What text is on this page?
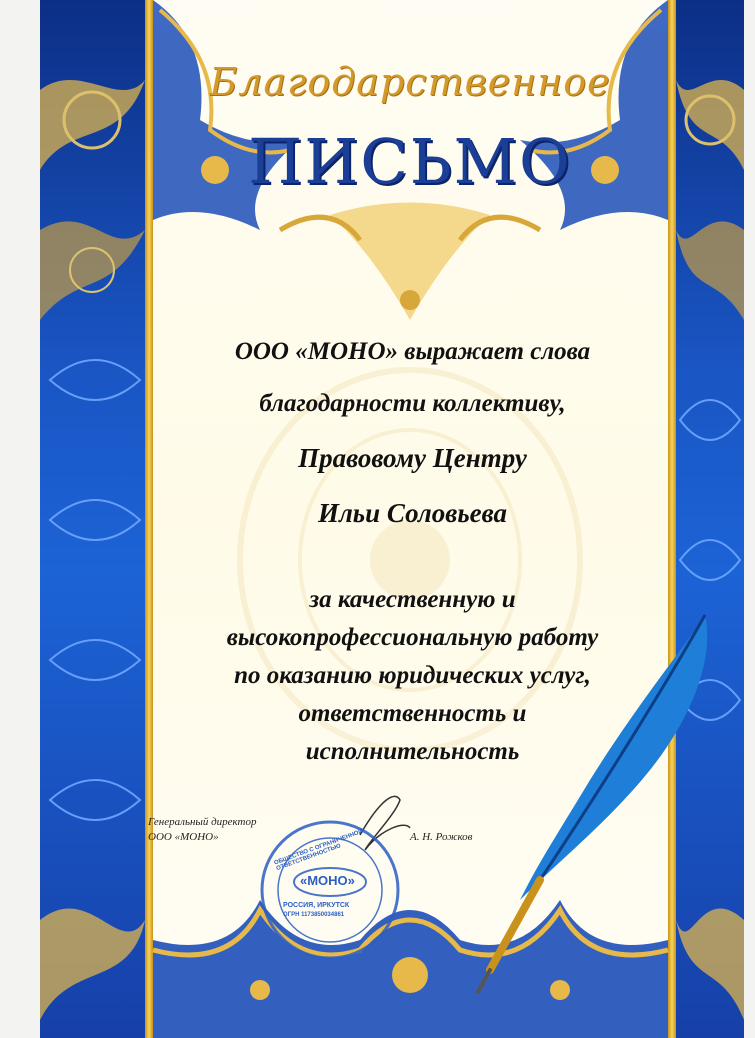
Благодарственное
ПИСЬМО
ООО «МОНО» выражает слова
благодарности коллективу,
Правовому Центру
Ильи Соловьева
за качественную и
высокопрофессиональную работу
по оказанию юридических услуг,
ответственность и
исполнительность
Генеральный директор
ООО «МОНО»	А. Н. Рожков
«МОНО»
РОССИЯ, ИРКУТСК
ОГРН 1173850034861
ОБЩЕСТВО С ОГРАНИЧЕННОЙ ОТВЕТСТВЕННОСТЬЮ
